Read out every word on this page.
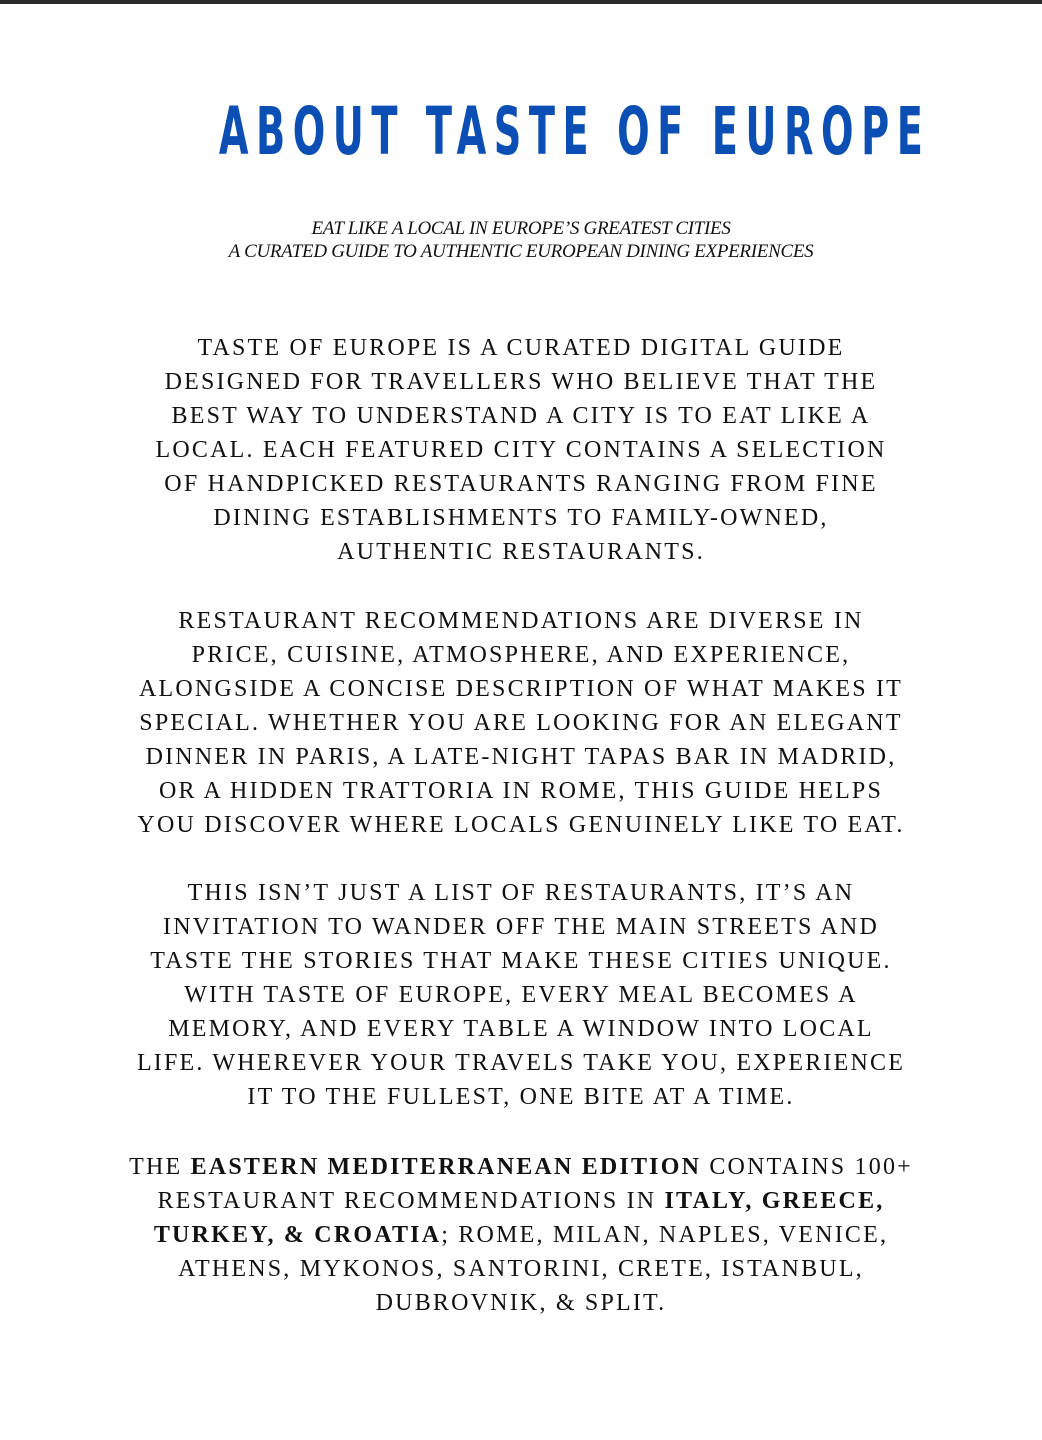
ABOUT TASTE OF EUROPE
EAT LIKE A LOCAL IN EUROPE’S GREATEST CITIES
A CURATED GUIDE TO AUTHENTIC EUROPEAN DINING EXPERIENCES
TASTE OF EUROPE IS A CURATED DIGITAL GUIDE
DESIGNED FOR TRAVELLERS WHO BELIEVE THAT THE
BEST WAY TO UNDERSTAND A CITY IS TO EAT LIKE A
LOCAL. EACH FEATURED CITY CONTAINS A SELECTION
OF HANDPICKED RESTAURANTS RANGING FROM FINE
DINING ESTABLISHMENTS TO FAMILY-OWNED,
AUTHENTIC RESTAURANTS.
RESTAURANT RECOMMENDATIONS ARE DIVERSE IN
PRICE, CUISINE, ATMOSPHERE, AND EXPERIENCE,
ALONGSIDE A CONCISE DESCRIPTION OF WHAT MAKES IT
SPECIAL. WHETHER YOU ARE LOOKING FOR AN ELEGANT
DINNER IN PARIS, A LATE-NIGHT TAPAS BAR IN MADRID,
OR A HIDDEN TRATTORIA IN ROME, THIS GUIDE HELPS
YOU DISCOVER WHERE LOCALS GENUINELY LIKE TO EAT.
THIS ISN’T JUST A LIST OF RESTAURANTS, IT’S AN
INVITATION TO WANDER OFF THE MAIN STREETS AND
TASTE THE STORIES THAT MAKE THESE CITIES UNIQUE.
WITH TASTE OF EUROPE, EVERY MEAL BECOMES A
MEMORY, AND EVERY TABLE A WINDOW INTO LOCAL
LIFE. WHEREVER YOUR TRAVELS TAKE YOU, EXPERIENCE
IT TO THE FULLEST, ONE BITE AT A TIME.
THE EASTERN MEDITERRANEAN EDITION CONTAINS 100+
RESTAURANT RECOMMENDATIONS IN ITALY, GREECE,
TURKEY, & CROATIA; ROME, MILAN, NAPLES, VENICE,
ATHENS, MYKONOS, SANTORINI, CRETE, ISTANBUL,
DUBROVNIK, & SPLIT.
